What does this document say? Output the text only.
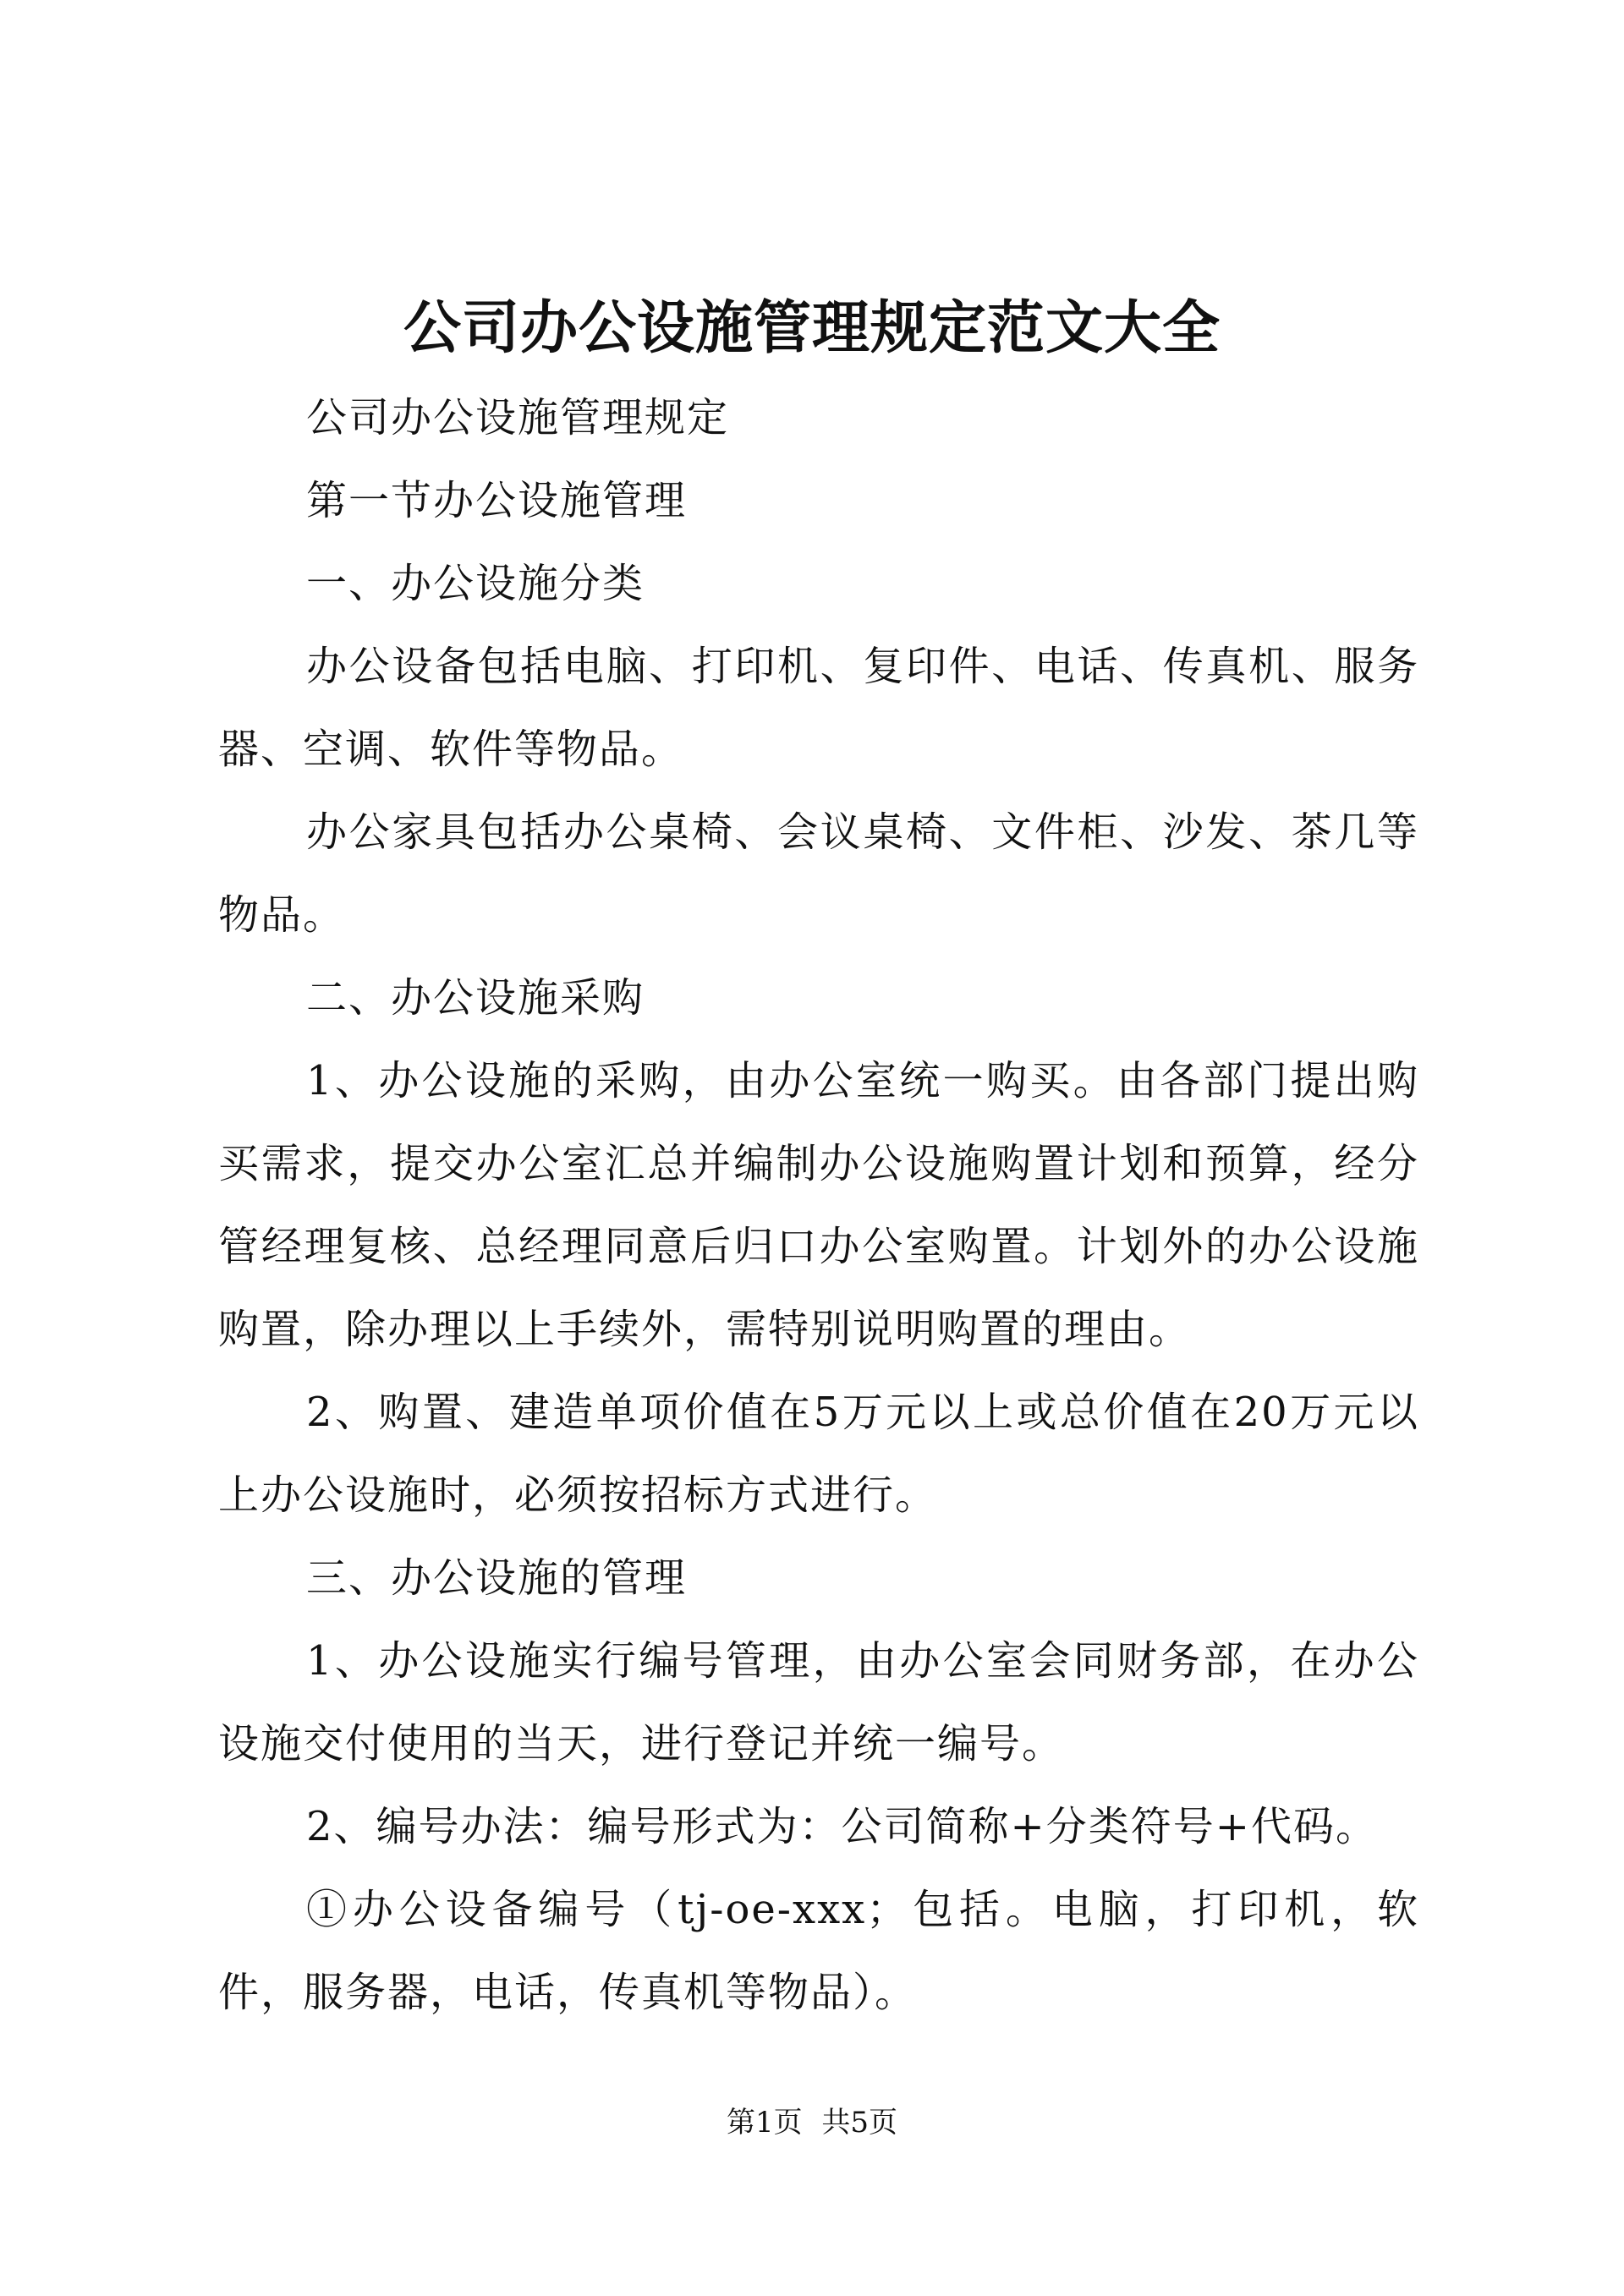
公司办公设施管理规定范文大全

公司办公设施管理规定

第一节办公设施管理

一、办公设施分类

办公设备包括电脑、打印机、复印件、电话、传真机、服务器、空调、软件等物品。

办公家具包括办公桌椅、会议桌椅、文件柜、沙发、茶几等物品。

二、办公设施采购

1、办公设施的采购，由办公室统一购买。由各部门提出购买需求，提交办公室汇总并编制办公设施购置计划和预算，经分管经理复核、总经理同意后归口办公室购置。计划外的办公设施购置，除办理以上手续外，需特别说明购置的理由。

2、购置、建造单项价值在5万元以上或总价值在20万元以上办公设施时，必须按招标方式进行。

三、办公设施的管理

1、办公设施实行编号管理，由办公室会同财务部，在办公设施交付使用的当天，进行登记并统一编号。

2、编号办法：编号形式为：公司简称+分类符号+代码。

①办公设备编号（tj-oe-xxx；包括。电脑，打印机，软件，服务器，电话，传真机等物品）。

第1页 共5页
